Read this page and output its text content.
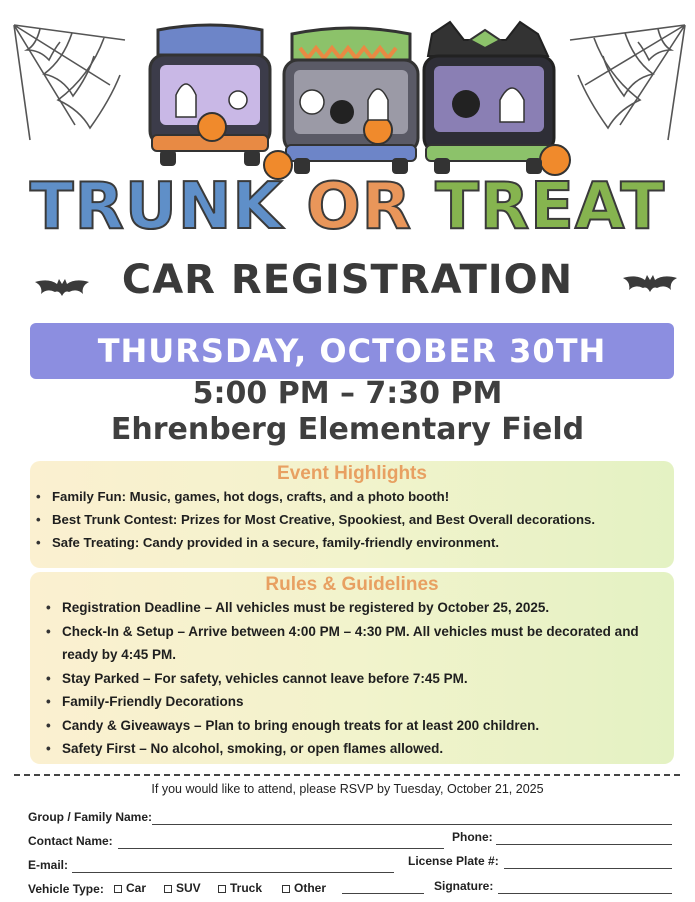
TRUNK OR TREAT
CAR REGISTRATION
THURSDAY, OCTOBER 30TH
5:00 PM – 7:30 PM
Ehrenberg Elementary Field
Event Highlights
• Family Fun: Music, games, hot dogs, crafts, and a photo booth!
• Best Trunk Contest: Prizes for Most Creative, Spookiest, and Best Overall decorations.
• Safe Treating: Candy provided in a secure, family-friendly environment.
Rules & Guidelines
• Registration Deadline – All vehicles must be registered by October 25, 2025.
• Check-In & Setup – Arrive between 4:00 PM – 4:30 PM. All vehicles must be decorated and ready by 4:45 PM.
• Stay Parked – For safety, vehicles cannot leave before 7:45 PM.
• Family-Friendly Decorations
• Candy & Giveaways – Plan to bring enough treats for at least 200 children.
• Safety First – No alcohol, smoking, or open flames allowed.
If you would like to attend, please RSVP by Tuesday, October 21, 2025
Group / Family Name:
Contact Name:	Phone:
E-mail:	License Plate #:
Vehicle Type:	Car	SUV	Truck	Other	Signature:
